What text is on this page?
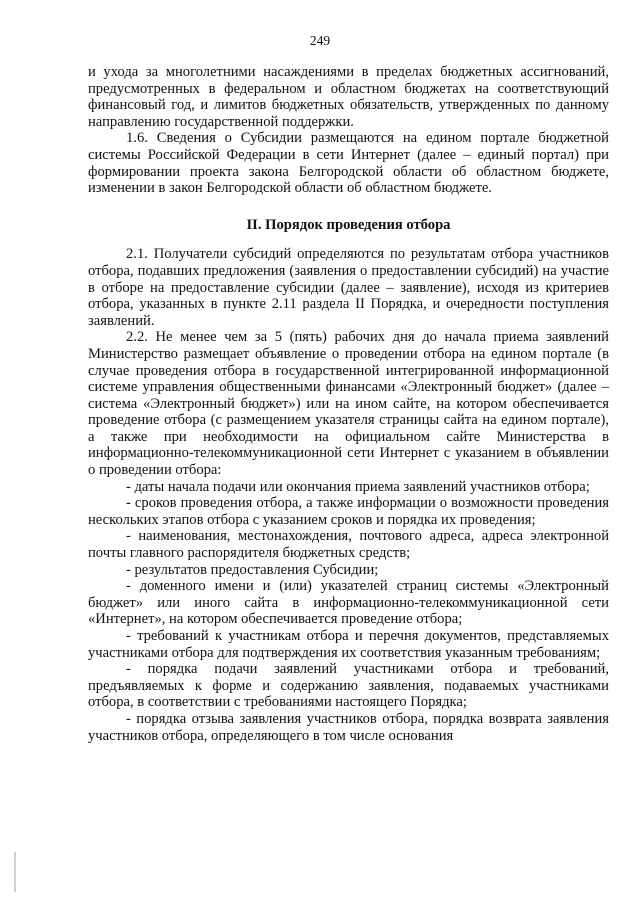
249

и ухода за многолетними насаждениями в пределах бюджетных ассигнований, предусмотренных в федеральном и областном бюджетах на соответствующий финансовый год, и лимитов бюджетных обязательств, утвержденных по данному направлению государственной поддержки.

1.6. Сведения о Субсидии размещаются на едином портале бюджетной системы Российской Федерации в сети Интернет (далее – единый портал) при формировании проекта закона Белгородской области об областном бюджете, изменении в закон Белгородской области об областном бюджете.

II. Порядок проведения отбора

2.1. Получатели субсидий определяются по результатам отбора участников отбора, подавших предложения (заявления о предоставлении субсидий) на участие в отборе на предоставление субсидии (далее – заявление), исходя из критериев отбора, указанных в пункте 2.11 раздела II Порядка, и очередности поступления заявлений.

2.2. Не менее чем за 5 (пять) рабочих дня до начала приема заявлений Министерство размещает объявление о проведении отбора на едином портале (в случае проведения отбора в государственной интегрированной информационной системе управления общественными финансами «Электронный бюджет» (далее – система «Электронный бюджет») или на ином сайте, на котором обеспечивается проведение отбора (с размещением указателя страницы сайта на едином портале), а также при необходимости на официальном сайте Министерства в информационно-телекоммуникационной сети Интернет с указанием в объявлении о проведении отбора:

- даты начала подачи или окончания приема заявлений участников отбора;

- сроков проведения отбора, а также информации о возможности проведения нескольких этапов отбора с указанием сроков и порядка их проведения;

- наименования, местонахождения, почтового адреса, адреса электронной почты главного распорядителя бюджетных средств;

- результатов предоставления Субсидии;

- доменного имени и (или) указателей страниц системы «Электронный бюджет» или иного сайта в информационно-телекоммуникационной сети «Интернет», на котором обеспечивается проведение отбора;

- требований к участникам отбора и перечня документов, представляемых участниками отбора для подтверждения их соответствия указанным требованиям;

- порядка подачи заявлений участниками отбора и требований, предъявляемых к форме и содержанию заявления, подаваемых участниками отбора, в соответствии с требованиями настоящего Порядка;

- порядка отзыва заявления участников отбора, порядка возврата заявления участников отбора, определяющего в том числе основания
